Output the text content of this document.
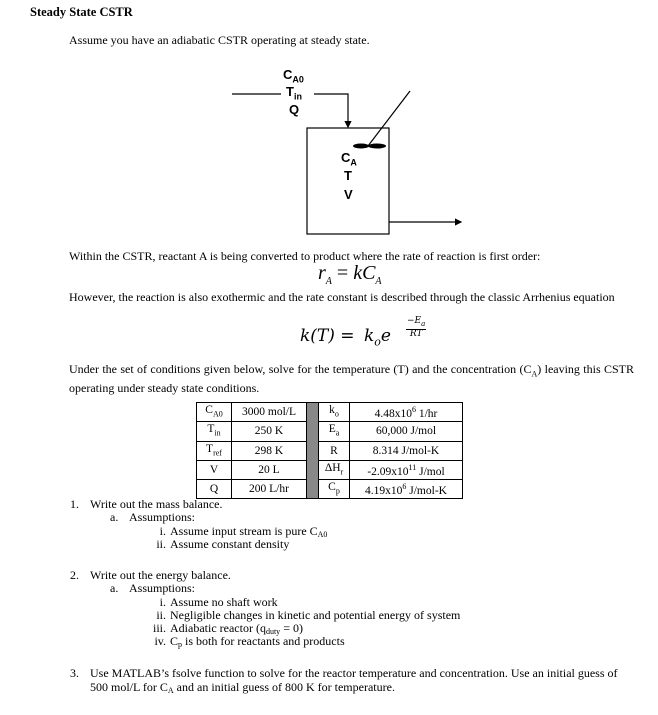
Steady State CSTR
Assume you have an adiabatic CSTR operating at steady state.
$C_{A0}$
$T_{in}$
Q
$C_A$
T
V
Within the CSTR, reactant A is being converted to product where the rate of reaction is first order:
$r_A = kC_A$
However, the reaction is also exothermic and the rate constant is described through the classic Arrhenius equation
$k(T) = k_oe \frac{-E_a}{RT}$
Under the set of conditions given below, solve for the temperature (T) and the concentration $(C_A)$ leaving this CSTR operating under steady state conditions.
$C_{A0}$	3000 mol/L		$k_o$	$4.48x10^6$ 1/hr
$T_{in}$	250 K		$E_a$	60,000 J/mol
$T_{ref}$	298 K		R	8.314 J/mol-K
V	20 L		$\Delta H_r$	$-2.09x10^{11}$ J/mol
Q	200 L/hr		$C_p$	$4.19x10^6$ J/mol-K
1. Write out the mass balance.
a. Assumptions:
i. Assume input stream is pure CA0
ii. Assume constant density
2. Write out the energy balance.
a. Assumptions:
i. Assume no shaft work
ii. Negligible changes in kinetic and potential energy of system
iii. Adiabatic reactor (qduty = 0)
iv. Cp is both for reactants and products
3. Use MATLAB’s fsolve function to solve for the reactor temperature and concentration. Use an initial guess of
500 mol/L for CA and an initial guess of 800 K for temperature.
